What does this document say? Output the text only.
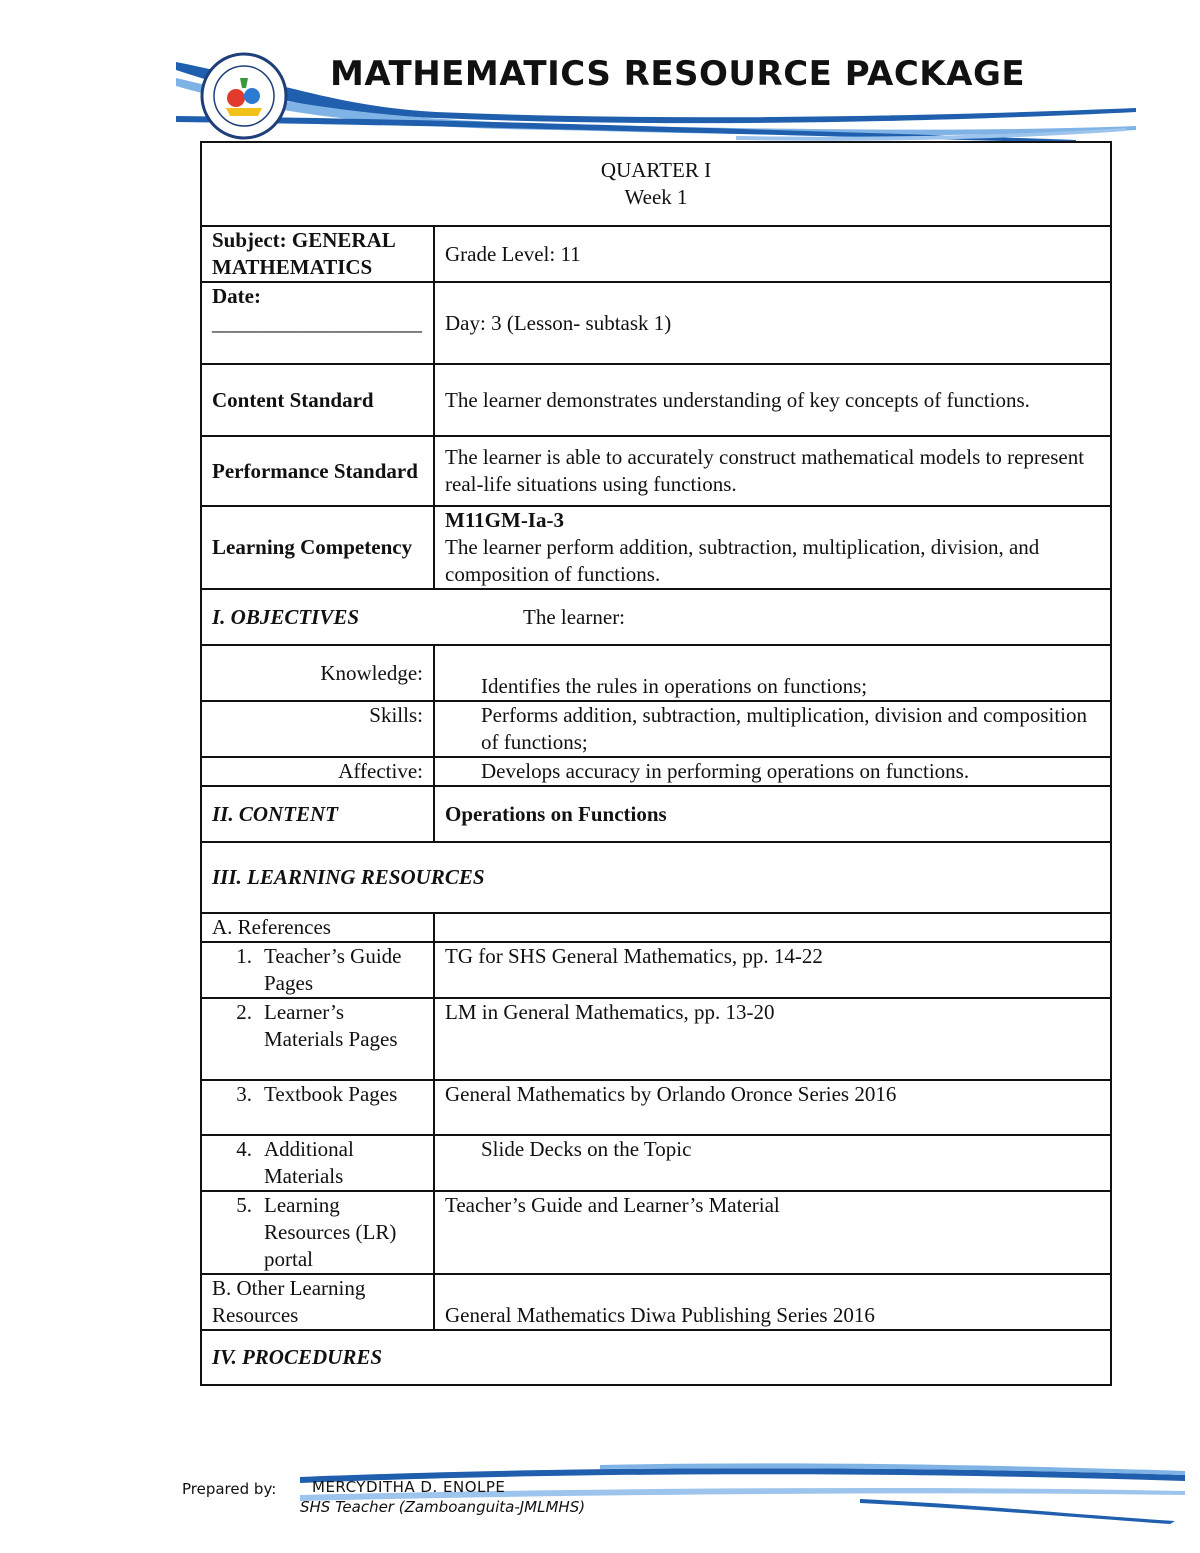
MATHEMATICS RESOURCE PACKAGE
QUARTER I
Week 1	

Subject: GENERAL MATHEMATICS	Grade Level: 11

Date:
____________________	Day: 3 (Lesson- subtask 1)
Content Standard	The learner demonstrates understanding of key concepts of functions.
Performance Standard	The learner is able to accurately construct mathematical models to represent real-life situations using functions.
Learning Competency	M11GM-Ia-3
The learner perform addition, subtraction, multiplication, division, and composition of functions.

I. OBJECTIVES The learner:	
Knowledge:	Identifies the rules in operations on functions;

Skills:	Performs addition, subtraction, multiplication, division and composition of functions;

Affective:	Develops accuracy in performing operations on functions.

II. CONTENT	Operations on Functions
III. LEARNING RESOURCES	
A. References	

1. Teacher’s Guide Pages	TG for SHS General Mathematics, pp. 14-22

2. Learner’s Materials Pages	LM in General Mathematics, pp. 13-20

3. Textbook Pages	General Mathematics by Orlando Oronce Series 2016

4. Additional Materials	Slide Decks on the Topic

5. Learning Resources (LR) portal	Teacher’s Guide and Learner’s Material
B. Other Learning Resources	General Mathematics Diwa Publishing Series 2016
IV. PROCEDURES	
Prepared by: MERCYDITHA D. ENOLPE
SHS Teacher (Zamboanguita-JMLMHS)
